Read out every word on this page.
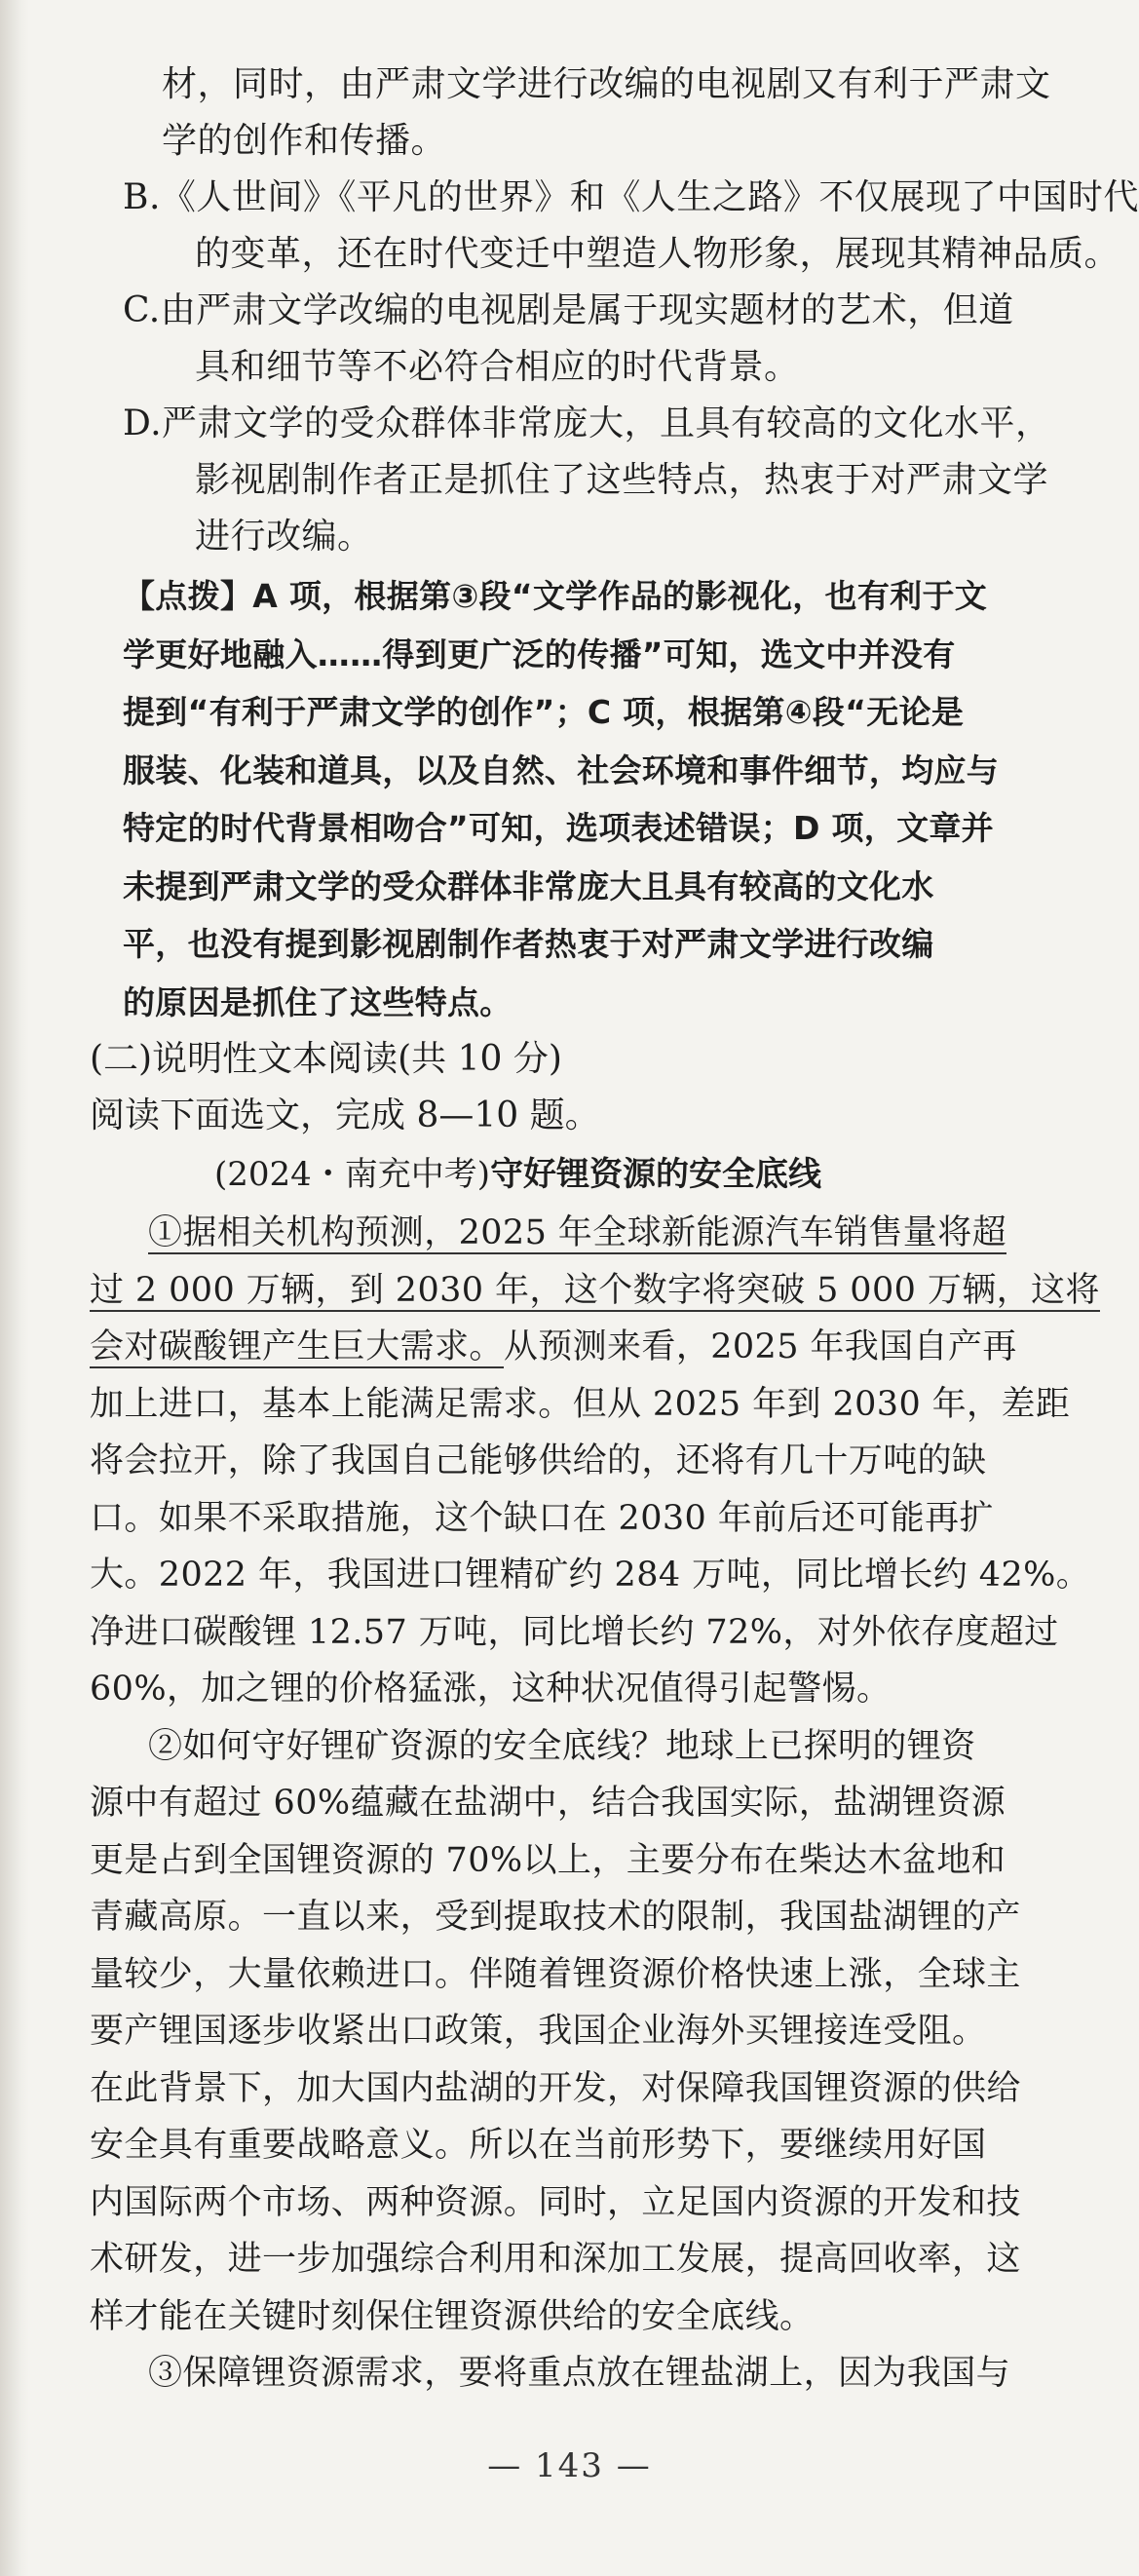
材，同时，由严肃文学进行改编的电视剧又有利于严肃文

学的创作和传播。

B.《人世间》《平凡的世界》和《人生之路》不仅展现了中国时代

的变革，还在时代变迁中塑造人物形象，展现其精神品质。

C.由严肃文学改编的电视剧是属于现实题材的艺术，但道

具和细节等不必符合相应的时代背景。

D.严肃文学的受众群体非常庞大，且具有较高的文化水平，

影视剧制作者正是抓住了这些特点，热衷于对严肃文学

进行改编。

【点拨】A 项，根据第③段“文学作品的影视化，也有利于文

学更好地融入……得到更广泛的传播”可知，选文中并没有

提到“有利于严肃文学的创作”；C 项，根据第④段“无论是

服装、化装和道具，以及自然、社会环境和事件细节，均应与

特定的时代背景相吻合”可知，选项表述错误；D 项，文章并

未提到严肃文学的受众群体非常庞大且具有较高的文化水

平，也没有提到影视剧制作者热衷于对严肃文学进行改编

的原因是抓住了这些特点。

(二)说明性文本阅读(共 10 分)

阅读下面选文，完成 8—10 题。

(2024・南充中考)守好锂资源的安全底线

①据相关机构预测，2025 年全球新能源汽车销售量将超

过 2 000 万辆，到 2030 年，这个数字将突破 5 000 万辆，这将

会对碳酸锂产生巨大需求。从预测来看，2025 年我国自产再

加上进口，基本上能满足需求。但从 2025 年到 2030 年，差距

将会拉开，除了我国自己能够供给的，还将有几十万吨的缺

口。如果不采取措施，这个缺口在 2030 年前后还可能再扩

大。2022 年，我国进口锂精矿约 284 万吨，同比增长约 42%。

净进口碳酸锂 12.57 万吨，同比增长约 72%，对外依存度超过

60%，加之锂的价格猛涨，这种状况值得引起警惕。

②如何守好锂矿资源的安全底线？地球上已探明的锂资

源中有超过 60%蕴藏在盐湖中，结合我国实际，盐湖锂资源

更是占到全国锂资源的 70%以上，主要分布在柴达木盆地和

青藏高原。一直以来，受到提取技术的限制，我国盐湖锂的产

量较少，大量依赖进口。伴随着锂资源价格快速上涨，全球主

要产锂国逐步收紧出口政策，我国企业海外买锂接连受阻。

在此背景下，加大国内盐湖的开发，对保障我国锂资源的供给

安全具有重要战略意义。所以在当前形势下，要继续用好国

内国际两个市场、两种资源。同时，立足国内资源的开发和技

术研发，进一步加强综合利用和深加工发展，提高回收率，这

样才能在关键时刻保住锂资源供给的安全底线。

③保障锂资源需求，要将重点放在锂盐湖上，因为我国与

— 143 —
